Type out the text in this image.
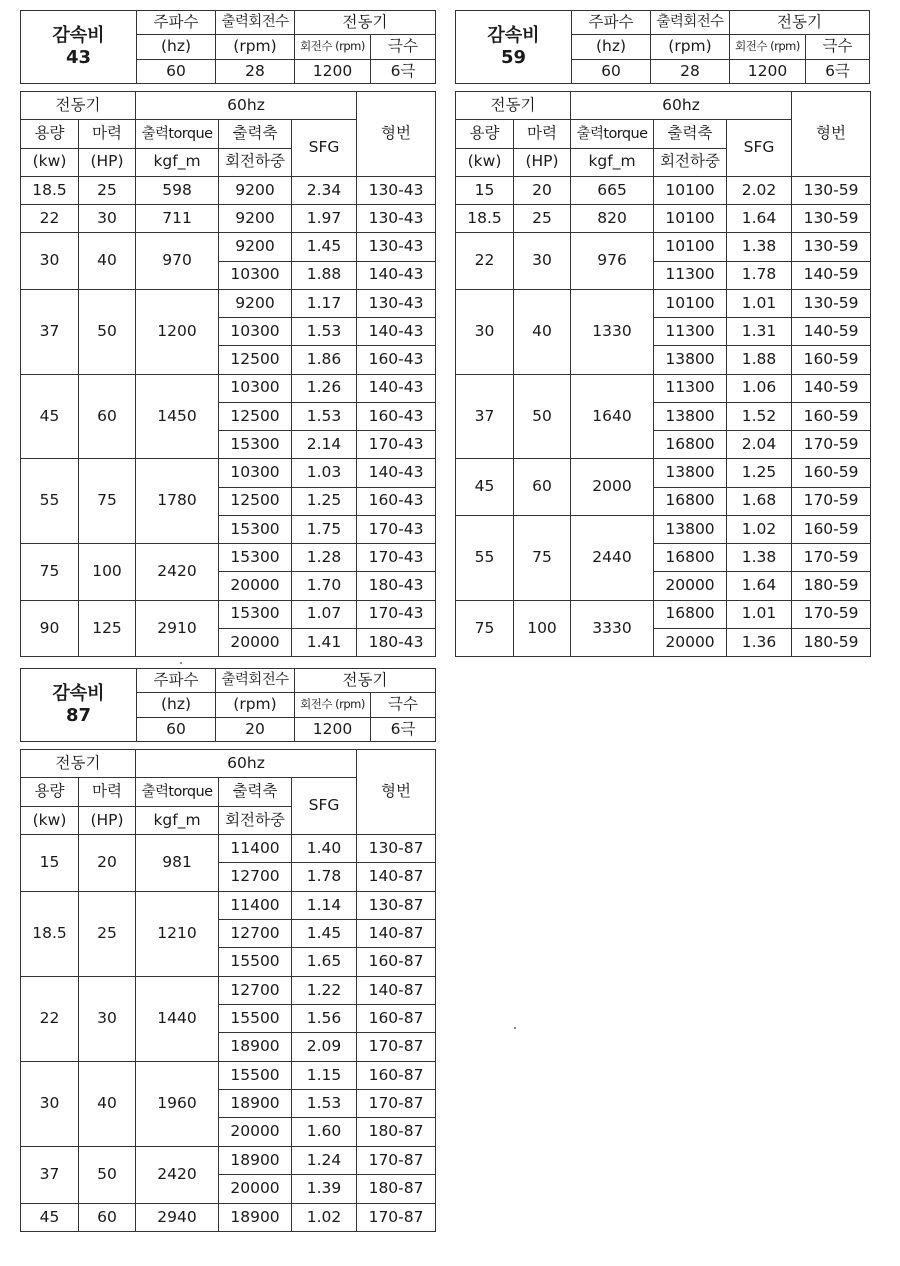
감속비
43	주파수	출력회전수	전동기	
	(hz)	(rpm)	회전수 (rpm)	극수
	60	28	1200	6극
전동기		60hz			형번
용량	마력	출력torque	출력축	SFG	
(kw)	(HP)	kgf_m	회전하중		
18.5	25	598	9200	2.34	130-43
22	30	711	9200	1.97	130-43
30	40	970	9200	1.45	130-43
			10300	1.88	140-43
37	50	1200	9200	1.17	130-43
			10300	1.53	140-43
			12500	1.86	160-43
45	60	1450	10300	1.26	140-43
			12500	1.53	160-43
			15300	2.14	170-43
55	75	1780	10300	1.03	140-43
			12500	1.25	160-43
			15300	1.75	170-43
75	100	2420	15300	1.28	170-43
			20000	1.70	180-43
90	125	2910	15300	1.07	170-43
			20000	1.41	180-43
감속비
59	주파수	출력회전수	전동기	
	(hz)	(rpm)	회전수 (rpm)	극수
	60	28	1200	6극
전동기		60hz			형번
용량	마력	출력torque	출력축	SFG	
(kw)	(HP)	kgf_m	회전하중		
15	20	665	10100	2.02	130-59
18.5	25	820	10100	1.64	130-59
22	30	976	10100	1.38	130-59
			11300	1.78	140-59
30	40	1330	10100	1.01	130-59
			11300	1.31	140-59
			13800	1.88	160-59
37	50	1640	11300	1.06	140-59
			13800	1.52	160-59
			16800	2.04	170-59
45	60	2000	13800	1.25	160-59
			16800	1.68	170-59
55	75	2440	13800	1.02	160-59
			16800	1.38	170-59
			20000	1.64	180-59
75	100	3330	16800	1.01	170-59
			20000	1.36	180-59
감속비
87	주파수	출력회전수	전동기	
	(hz)	(rpm)	회전수 (rpm)	극수
	60	20	1200	6극
전동기		60hz			형번
용량	마력	출력torque	출력축	SFG	
(kw)	(HP)	kgf_m	회전하중		
15	20	981	11400	1.40	130-87
			12700	1.78	140-87
18.5	25	1210	11400	1.14	130-87
			12700	1.45	140-87
			15500	1.65	160-87
22	30	1440	12700	1.22	140-87
			15500	1.56	160-87
			18900	2.09	170-87
30	40	1960	15500	1.15	160-87
			18900	1.53	170-87
			20000	1.60	180-87
37	50	2420	18900	1.24	170-87
			20000	1.39	180-87
45	60	2940	18900	1.02	170-87
